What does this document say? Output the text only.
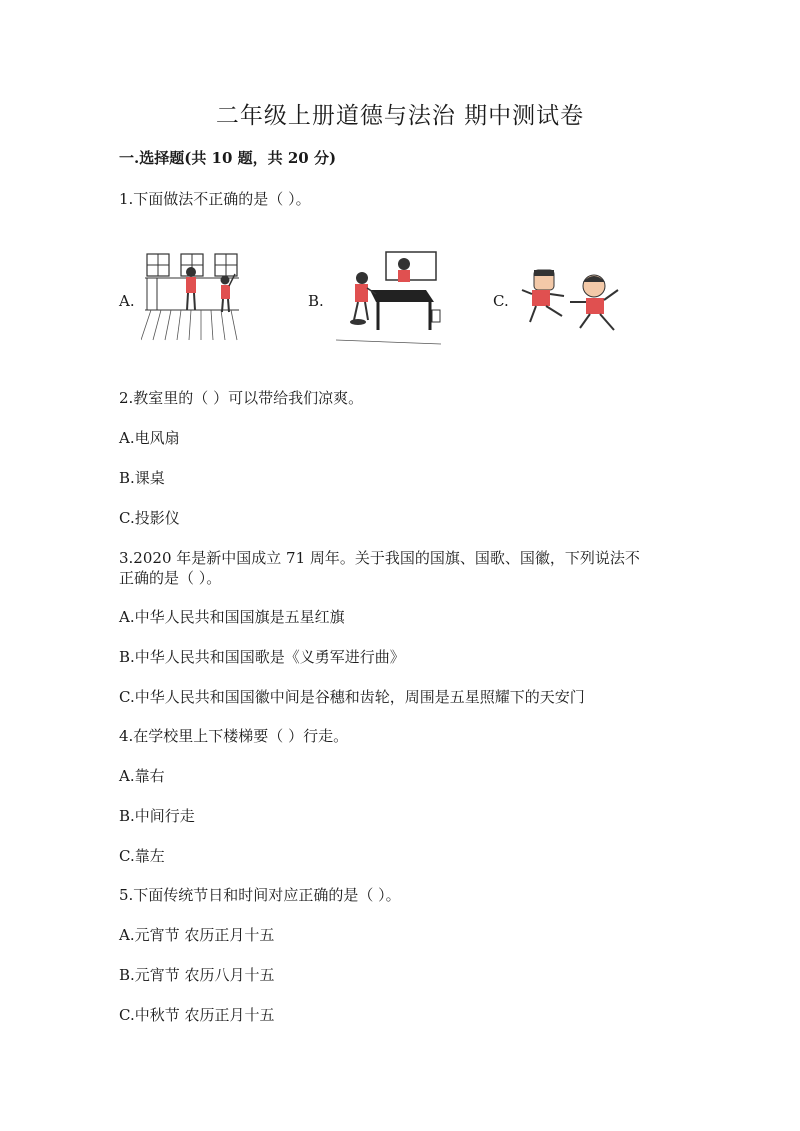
二年级上册道德与法治 期中测试卷

一.选择题(共 10 题，共 20 分)

1.下面做法不正确的是（ ）。

A.	B.	C.

2.教室里的（ ）可以带给我们凉爽。

A.电风扇

B.课桌

C.投影仪

3.2020 年是新中国成立 71 周年。关于我国的国旗、国歌、国徽，下列说法不

正确的是（ ）。

A.中华人民共和国国旗是五星红旗

B.中华人民共和国国歌是《义勇军进行曲》

C.中华人民共和国国徽中间是谷穗和齿轮，周围是五星照耀下的天安门

4.在学校里上下楼梯要（ ）行走。

A.靠右

B.中间行走

C.靠左

5.下面传统节日和时间对应正确的是（ ）。

A.元宵节 农历正月十五

B.元宵节 农历八月十五

C.中秋节 农历正月十五
